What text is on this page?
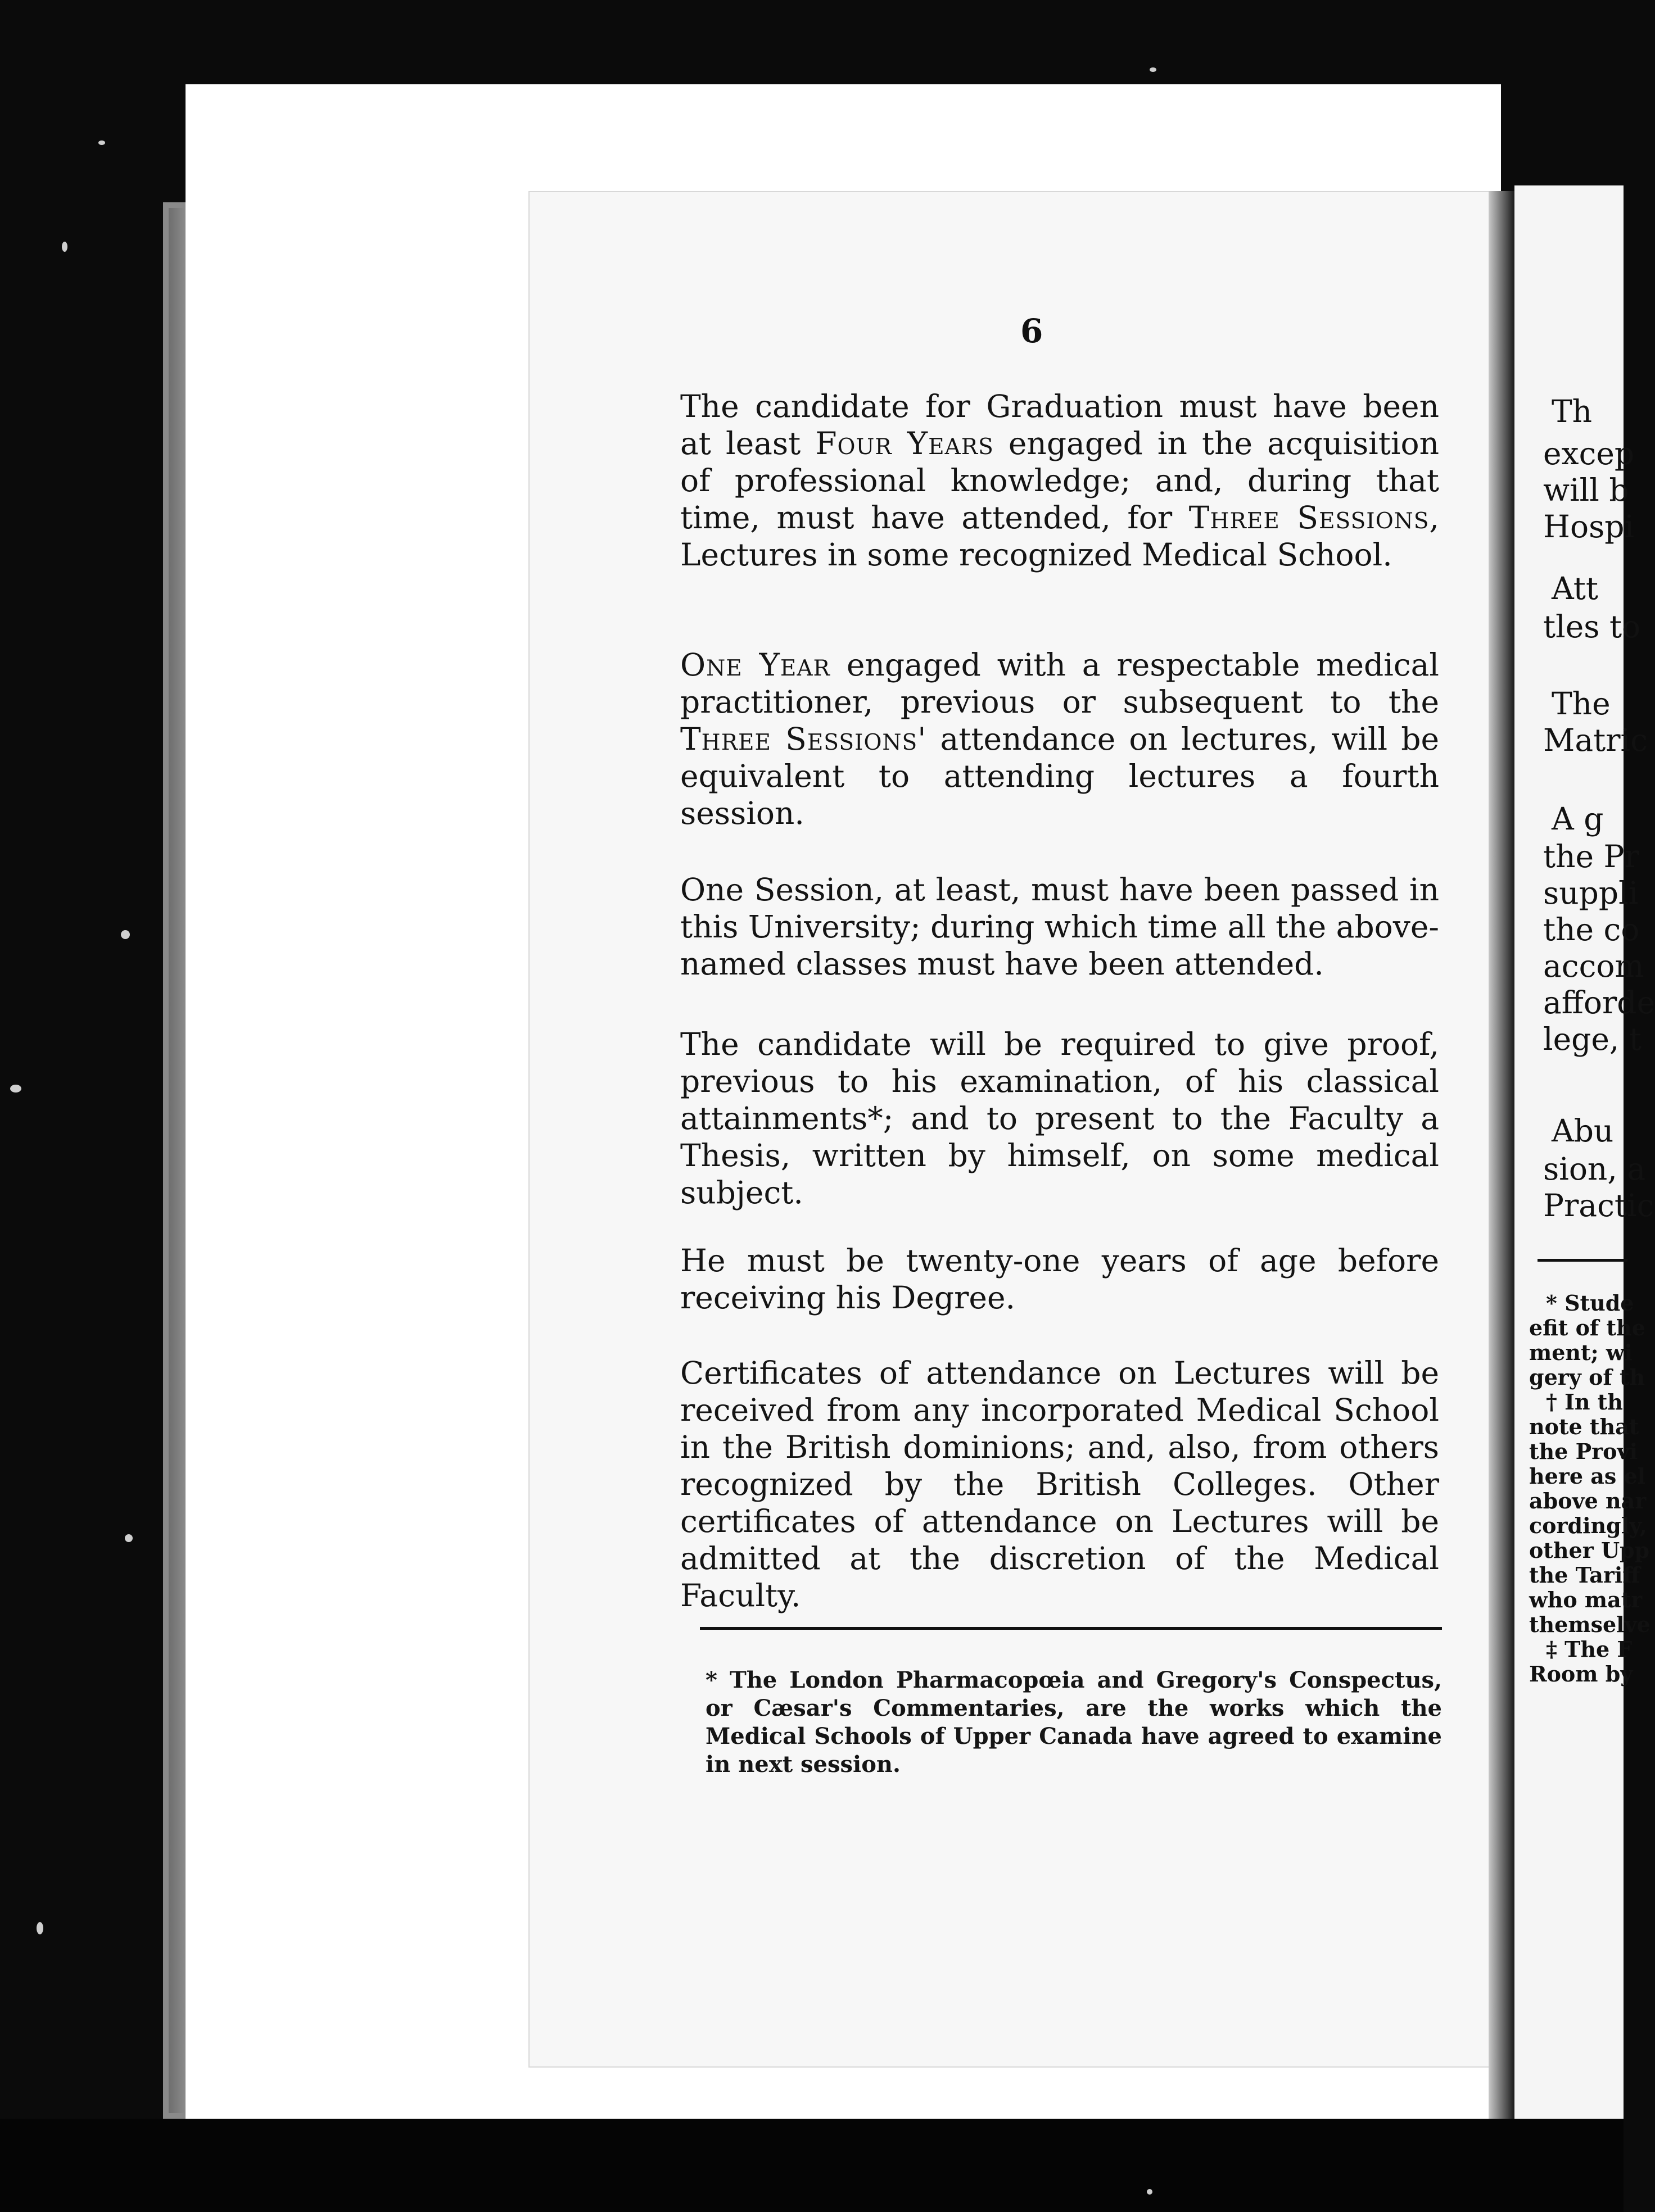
6

The candidate for Graduation must have been at least Four Years engaged in the acquisition of professional knowledge; and, during that time, must have attended, for Three Sessions, Lectures in some recognized Medical School.

One Year engaged with a respectable medical practitioner, previous or subsequent to the Three Sessions' attendance on lectures, will be equivalent to attending lectures a fourth session.

One Session, at least, must have been passed in this University; during which time all the above-named classes must have been attended.

The candidate will be required to give proof, previous to his examination, of his classical attainments*; and to present to the Faculty a Thesis, written by himself, on some medical subject.

He must be twenty-one years of age before receiving his Degree.

Certificates of attendance on Lectures will be received from any incorporated Medical School in the British dominions; and, also, from others recognized by the British Colleges. Other certificates of attendance on Lectures will be admitted at the discretion of the Medical Faculty.

* The London Pharmacopœia and Gregory's Conspectus, or Cæsar's Commentaries, are the works which the Medical Schools of Upper Canada have agreed to examine in next session.

Th
excep
will b
Hospi
Att
tles to
The
Matric
A g
the Pr
suppli
the co
accom
afforde
lege, t
Abu
sion, a
Practic
* Stude
efit of the
ment; wi
gery of th
† In th
note that
the Provi
here as el
above nar
cordingly,
other Upp
the Tariff
who matr
themselve
‡ The F
Room by
